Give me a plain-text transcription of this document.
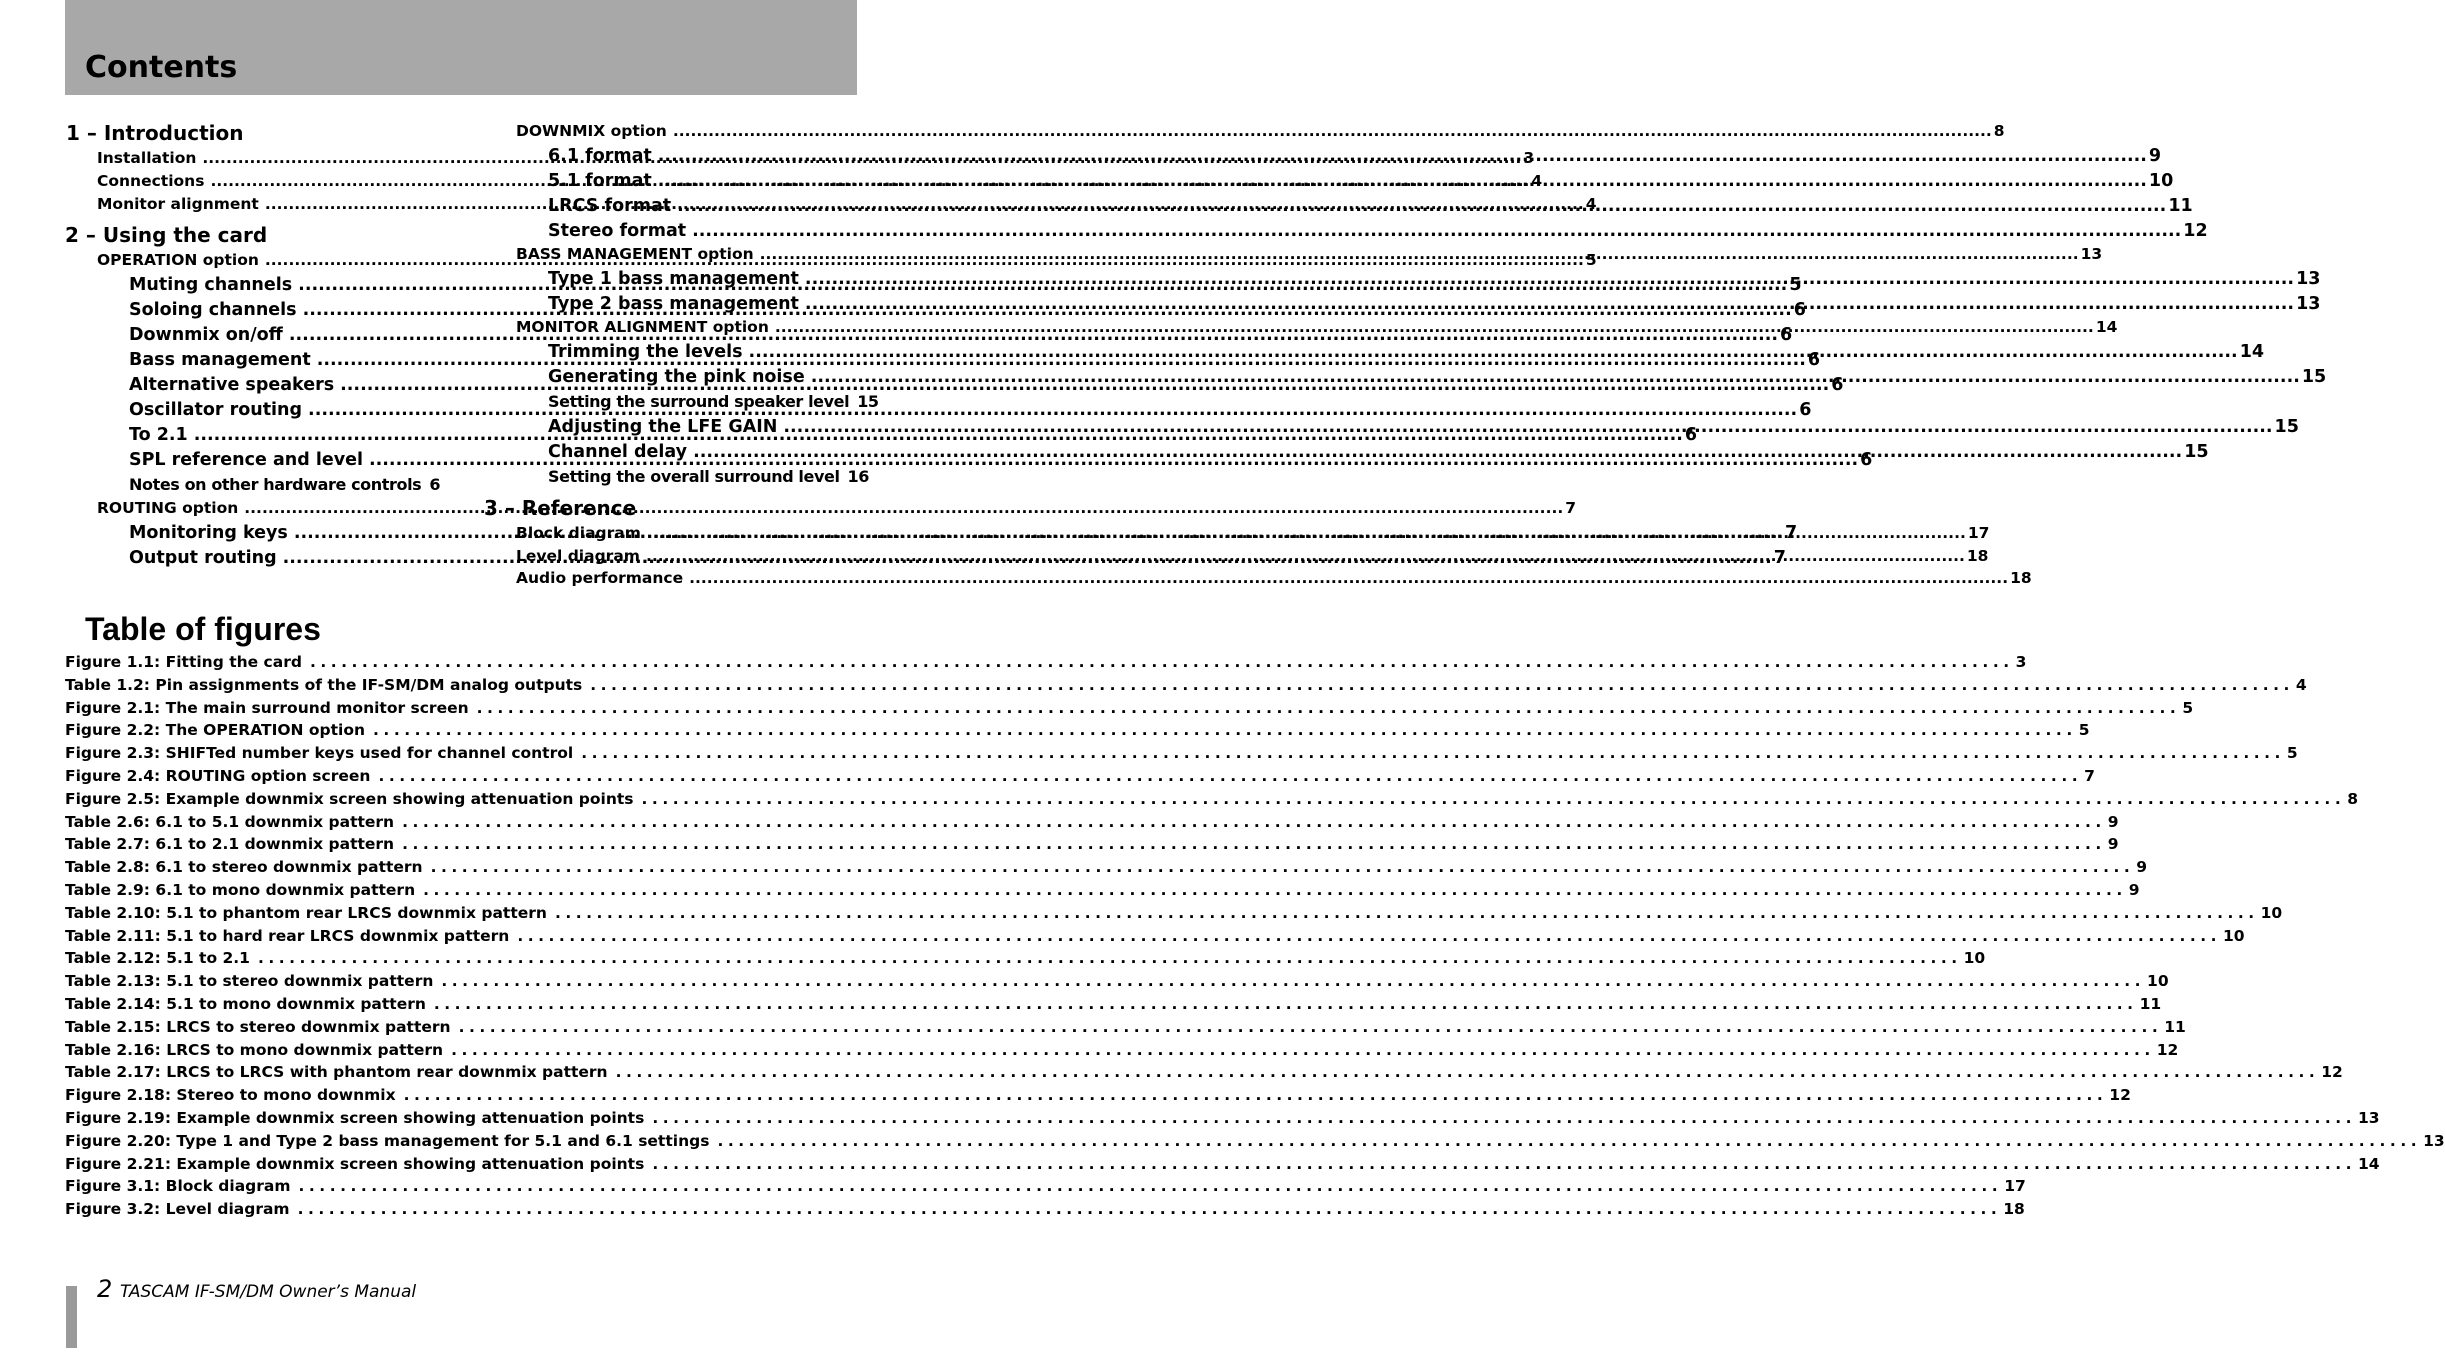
Contents
1 – Introduction
Installation .....	3
Connections .....	4
Monitor alignment .....	4
2 – Using the card
OPERATION option .....	5
Muting channels .....	5
Soloing channels .....	6
Downmix on/off .....	6
Bass management .....	6
Alternative speakers .....	6
Oscillator routing .....	6
To 2.1 .....	6
SPL reference and level .....	6
Notes on other hardware controls 6
ROUTING option .....	7
Monitoring keys .....	7
Output routing .....	7
DOWNMIX option .....	8
6.1 format .....	9
5.1 format .....	10
LRCS format .....	11
Stereo format .....	12
BASS MANAGEMENT option .....	13
Type 1 bass management .....	13
Type 2 bass management .....	13
MONITOR ALIGNMENT option .....	14
Trimming the levels .....	14
Generating the pink noise .....	15
Setting the surround speaker level 15
Adjusting the LFE GAIN .....	15
Channel delay .....	15
Setting the overall surround level 16
3 – Reference
Block diagram .....	17
Level diagram .....	18
Audio performance .....	18
Table of figures
Figure 1.1: Fitting the card .....	3
Table 1.2: Pin assignments of the IF-SM/DM analog outputs .....	4
Figure 2.1: The main surround monitor screen .....	5
Figure 2.2: The OPERATION option .....	5
Figure 2.3: SHIFTed number keys used for channel control .....	5
Figure 2.4: ROUTING option screen .....	7
Figure 2.5: Example downmix screen showing attenuation points .....	8
Table 2.6: 6.1 to 5.1 downmix pattern .....	9
Table 2.7: 6.1 to 2.1 downmix pattern .....	9
Table 2.8: 6.1 to stereo downmix pattern .....	9
Table 2.9: 6.1 to mono downmix pattern .....	9
Table 2.10: 5.1 to phantom rear LRCS downmix pattern .....	10
Table 2.11: 5.1 to hard rear LRCS downmix pattern .....	10
Table 2.12: 5.1 to 2.1 .....	10
Table 2.13: 5.1 to stereo downmix pattern .....	10
Table 2.14: 5.1 to mono downmix pattern .....	11
Table 2.15: LRCS to stereo downmix pattern .....	11
Table 2.16: LRCS to mono downmix pattern .....	12
Table 2.17: LRCS to LRCS with phantom rear downmix pattern .....	12
Figure 2.18: Stereo to mono downmix .....	12
Figure 2.19: Example downmix screen showing attenuation points .....	13
Figure 2.20: Type 1 and Type 2 bass management for 5.1 and 6.1 settings .....	13
Figure 2.21: Example downmix screen showing attenuation points .....	14
Figure 3.1: Block diagram .....	17
Figure 3.2: Level diagram .....	18
2 TASCAM IF-SM/DM Owner’s Manual
